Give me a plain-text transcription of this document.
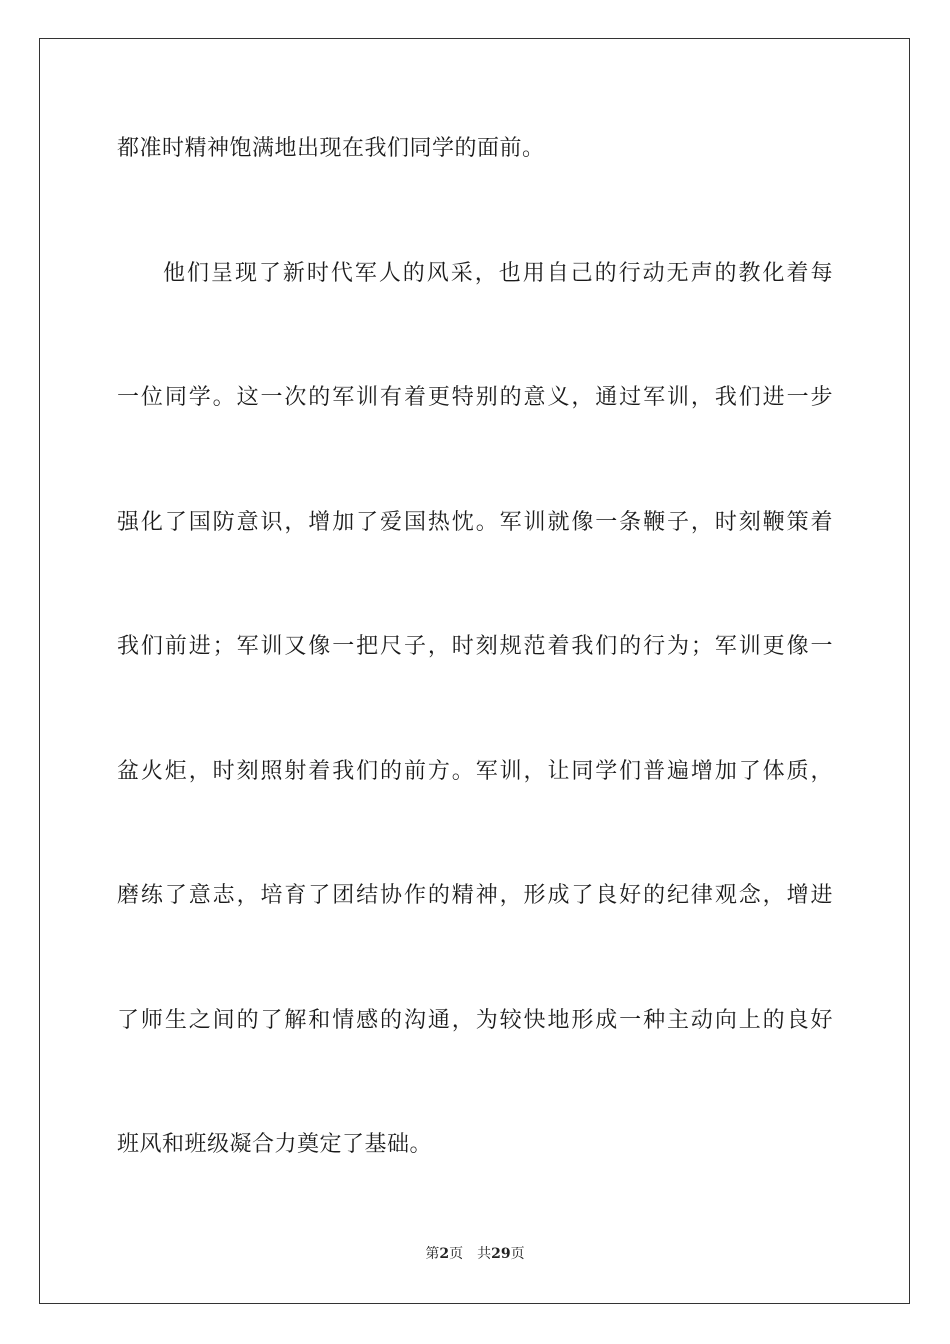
都准时精神饱满地出现在我们同学的面前。
他们呈现了新时代军人的风采，也用自己的行动无声的教化着每
一位同学。这一次的军训有着更特别的意义，通过军训，我们进一步
强化了国防意识，增加了爱国热忱。军训就像一条鞭子，时刻鞭策着
我们前进；军训又像一把尺子，时刻规范着我们的行为；军训更像一
盆火炬，时刻照射着我们的前方。军训，让同学们普遍增加了体质，
磨练了意志，培育了团结协作的精神，形成了良好的纪律观念，增进
了师生之间的了解和情感的沟通，为较快地形成一种主动向上的良好
班风和班级凝合力奠定了基础。
第2页 共29页
